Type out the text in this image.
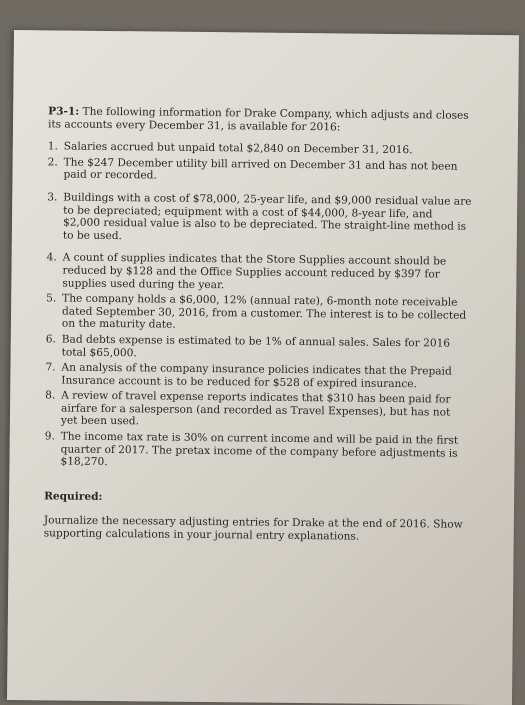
P3-1: The following information for Drake Company, which adjusts and closes its accounts every December 31, is available for 2016:

1. Salaries accrued but unpaid total $2,840 on December 31, 2016.
2. The $247 December utility bill arrived on December 31 and has not been paid or recorded.
3. Buildings with a cost of $78,000, 25-year life, and $9,000 residual value are to be depreciated; equipment with a cost of $44,000, 8-year life, and $2,000 residual value is also to be depreciated. The straight-line method is to be used.
4. A count of supplies indicates that the Store Supplies account should be reduced by $128 and the Office Supplies account reduced by $397 for supplies used during the year.
5. The company holds a $6,000, 12% (annual rate), 6-month note receivable dated September 30, 2016, from a customer. The interest is to be collected on the maturity date.
6. Bad debts expense is estimated to be 1% of annual sales. Sales for 2016 total $65,000.
7. An analysis of the company insurance policies indicates that the Prepaid Insurance account is to be reduced for $528 of expired insurance.
8. A review of travel expense reports indicates that $310 has been paid for airfare for a salesperson (and recorded as Travel Expenses), but has not yet been used.
9. The income tax rate is 30% on current income and will be paid in the first quarter of 2017. The pretax income of the company before adjustments is $18,270.
Required:

Journalize the necessary adjusting entries for Drake at the end of 2016. Show supporting calculations in your journal entry explanations.
